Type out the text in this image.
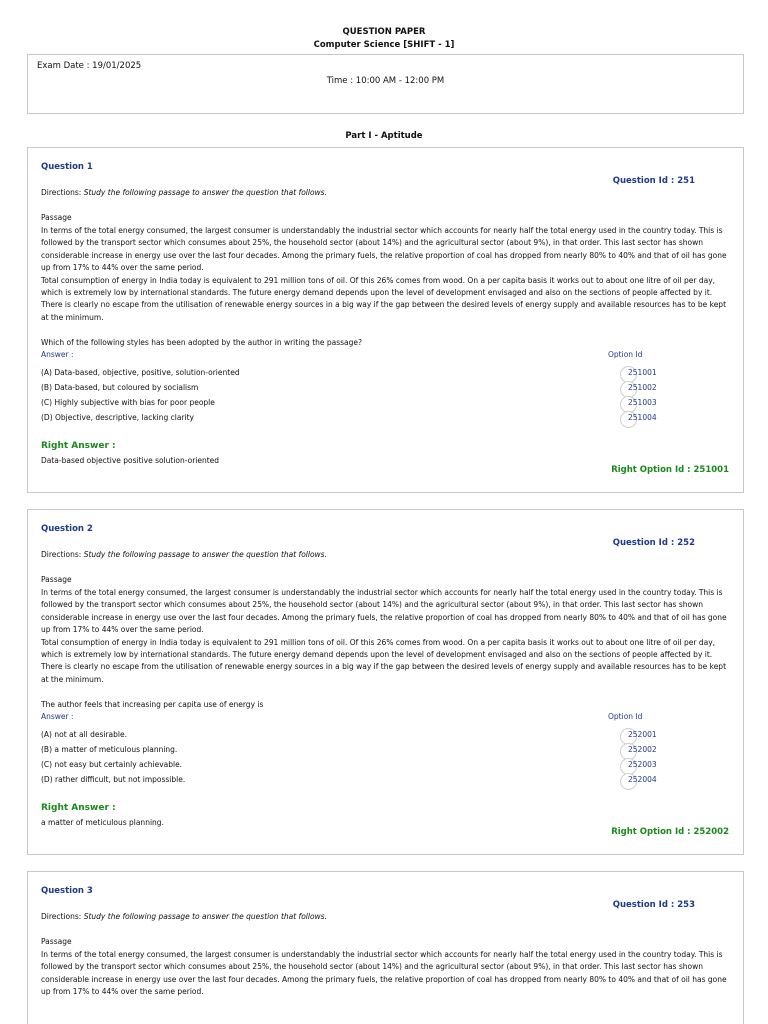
QUESTION PAPER
Computer Science [SHIFT - 1]
Exam Date : 19/01/2025
Time : 10:00 AM - 12:00 PM
Part I - Aptitude
Question 1
Question Id : 251
Directions: Study the following passage to answer the question that follows.
Passage

In terms of the total energy consumed, the largest consumer is understandably the industrial sector which accounts for nearly half the total energy used in the country today. This is followed by the transport sector which consumes about 25%, the household sector (about 14%) and the agricultural sector (about 9%), in that order. This last sector has shown considerable increase in energy use over the last four decades. Among the primary fuels, the relative proportion of coal has dropped from nearly 80% to 40% and that of oil has gone up from 17% to 44% over the same period.

Total consumption of energy in India today is equivalent to 291 million tons of oil. Of this 26% comes from wood. On a per capita basis it works out to about one litre of oil per day, which is extremely low by international standards. The future energy demand depends upon the level of development envisaged and also on the sections of people affected by it. There is clearly no escape from the utilisation of renewable energy sources in a big way if the gap between the desired levels of energy supply and available resources has to be kept at the minimum.

Which of the following styles has been adopted by the author in writing the passage?
Answer :	Option Id
(A) Data-based, objective, positive, solution-oriented	251001
(B) Data-based, but coloured by socialism	251002
(C) Highly subjective with bias for poor people	251003
(D) Objective, descriptive, lacking clarity	251004
Right Answer :
Data-based objective positive solution-oriented
Right Option Id : 251001
Question 2
Question Id : 252
Directions: Study the following passage to answer the question that follows.
Passage

In terms of the total energy consumed, the largest consumer is understandably the industrial sector which accounts for nearly half the total energy used in the country today. This is followed by the transport sector which consumes about 25%, the household sector (about 14%) and the agricultural sector (about 9%), in that order. This last sector has shown considerable increase in energy use over the last four decades. Among the primary fuels, the relative proportion of coal has dropped from nearly 80% to 40% and that of oil has gone up from 17% to 44% over the same period.

Total consumption of energy in India today is equivalent to 291 million tons of oil. Of this 26% comes from wood. On a per capita basis it works out to about one litre of oil per day, which is extremely low by international standards. The future energy demand depends upon the level of development envisaged and also on the sections of people affected by it. There is clearly no escape from the utilisation of renewable energy sources in a big way if the gap between the desired levels of energy supply and available resources has to be kept at the minimum.

The author feels that increasing per capita use of energy is
Answer :	Option Id
(A) not at all desirable.	252001
(B) a matter of meticulous planning.	252002
(C) not easy but certainly achievable.	252003
(D) rather difficult, but not impossible.	252004
Right Answer :
a matter of meticulous planning.
Right Option Id : 252002
Question 3
Question Id : 253
Directions: Study the following passage to answer the question that follows.
Passage

In terms of the total energy consumed, the largest consumer is understandably the industrial sector which accounts for nearly half the total energy used in the country today. This is followed by the transport sector which consumes about 25%, the household sector (about 14%) and the agricultural sector (about 9%), in that order. This last sector has shown considerable increase in energy use over the last four decades. Among the primary fuels, the relative proportion of coal has dropped from nearly 80% to 40% and that of oil has gone up from 17% to 44% over the same period.
